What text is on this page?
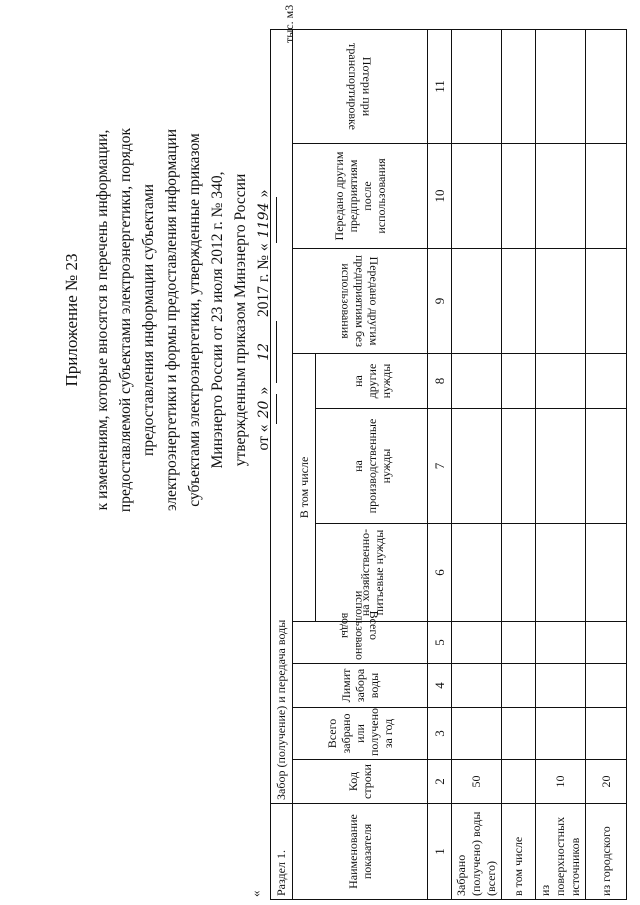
Приложение № 23 к изменениям, которые вносятся в перечень информации, предоставляемой субъектами электроэнергетики, порядок предоставления информации субъектами электроэнергетики и формы предоставления информации субъектами электроэнергетики, утвержденные приказом Минэнерго России от 23 июля 2012 г. № 340, утвержденным приказом Минэнерго России от «20» 12 2017 г. № «1194»
«
тыс. м3
Раздел 1.	Забор (получение) и передача воды									
Наименование показателя	Код строки	Всего забрано или получено за год	Лимит забора воды	Всего использовано воды	В том числе			Передано другим предприятиям без использования	Передано другим предприятиям после использования	Потери при транспортировке
					на хозяйственно-питьевые нужды	на производственные нужды	на другие нужды			
1	2	3	4	5	6	7	8	9	10	11
Забрано (получено) воды (всего)	50									
в том числе										
из поверхностных источников	10									
из городского	20									
